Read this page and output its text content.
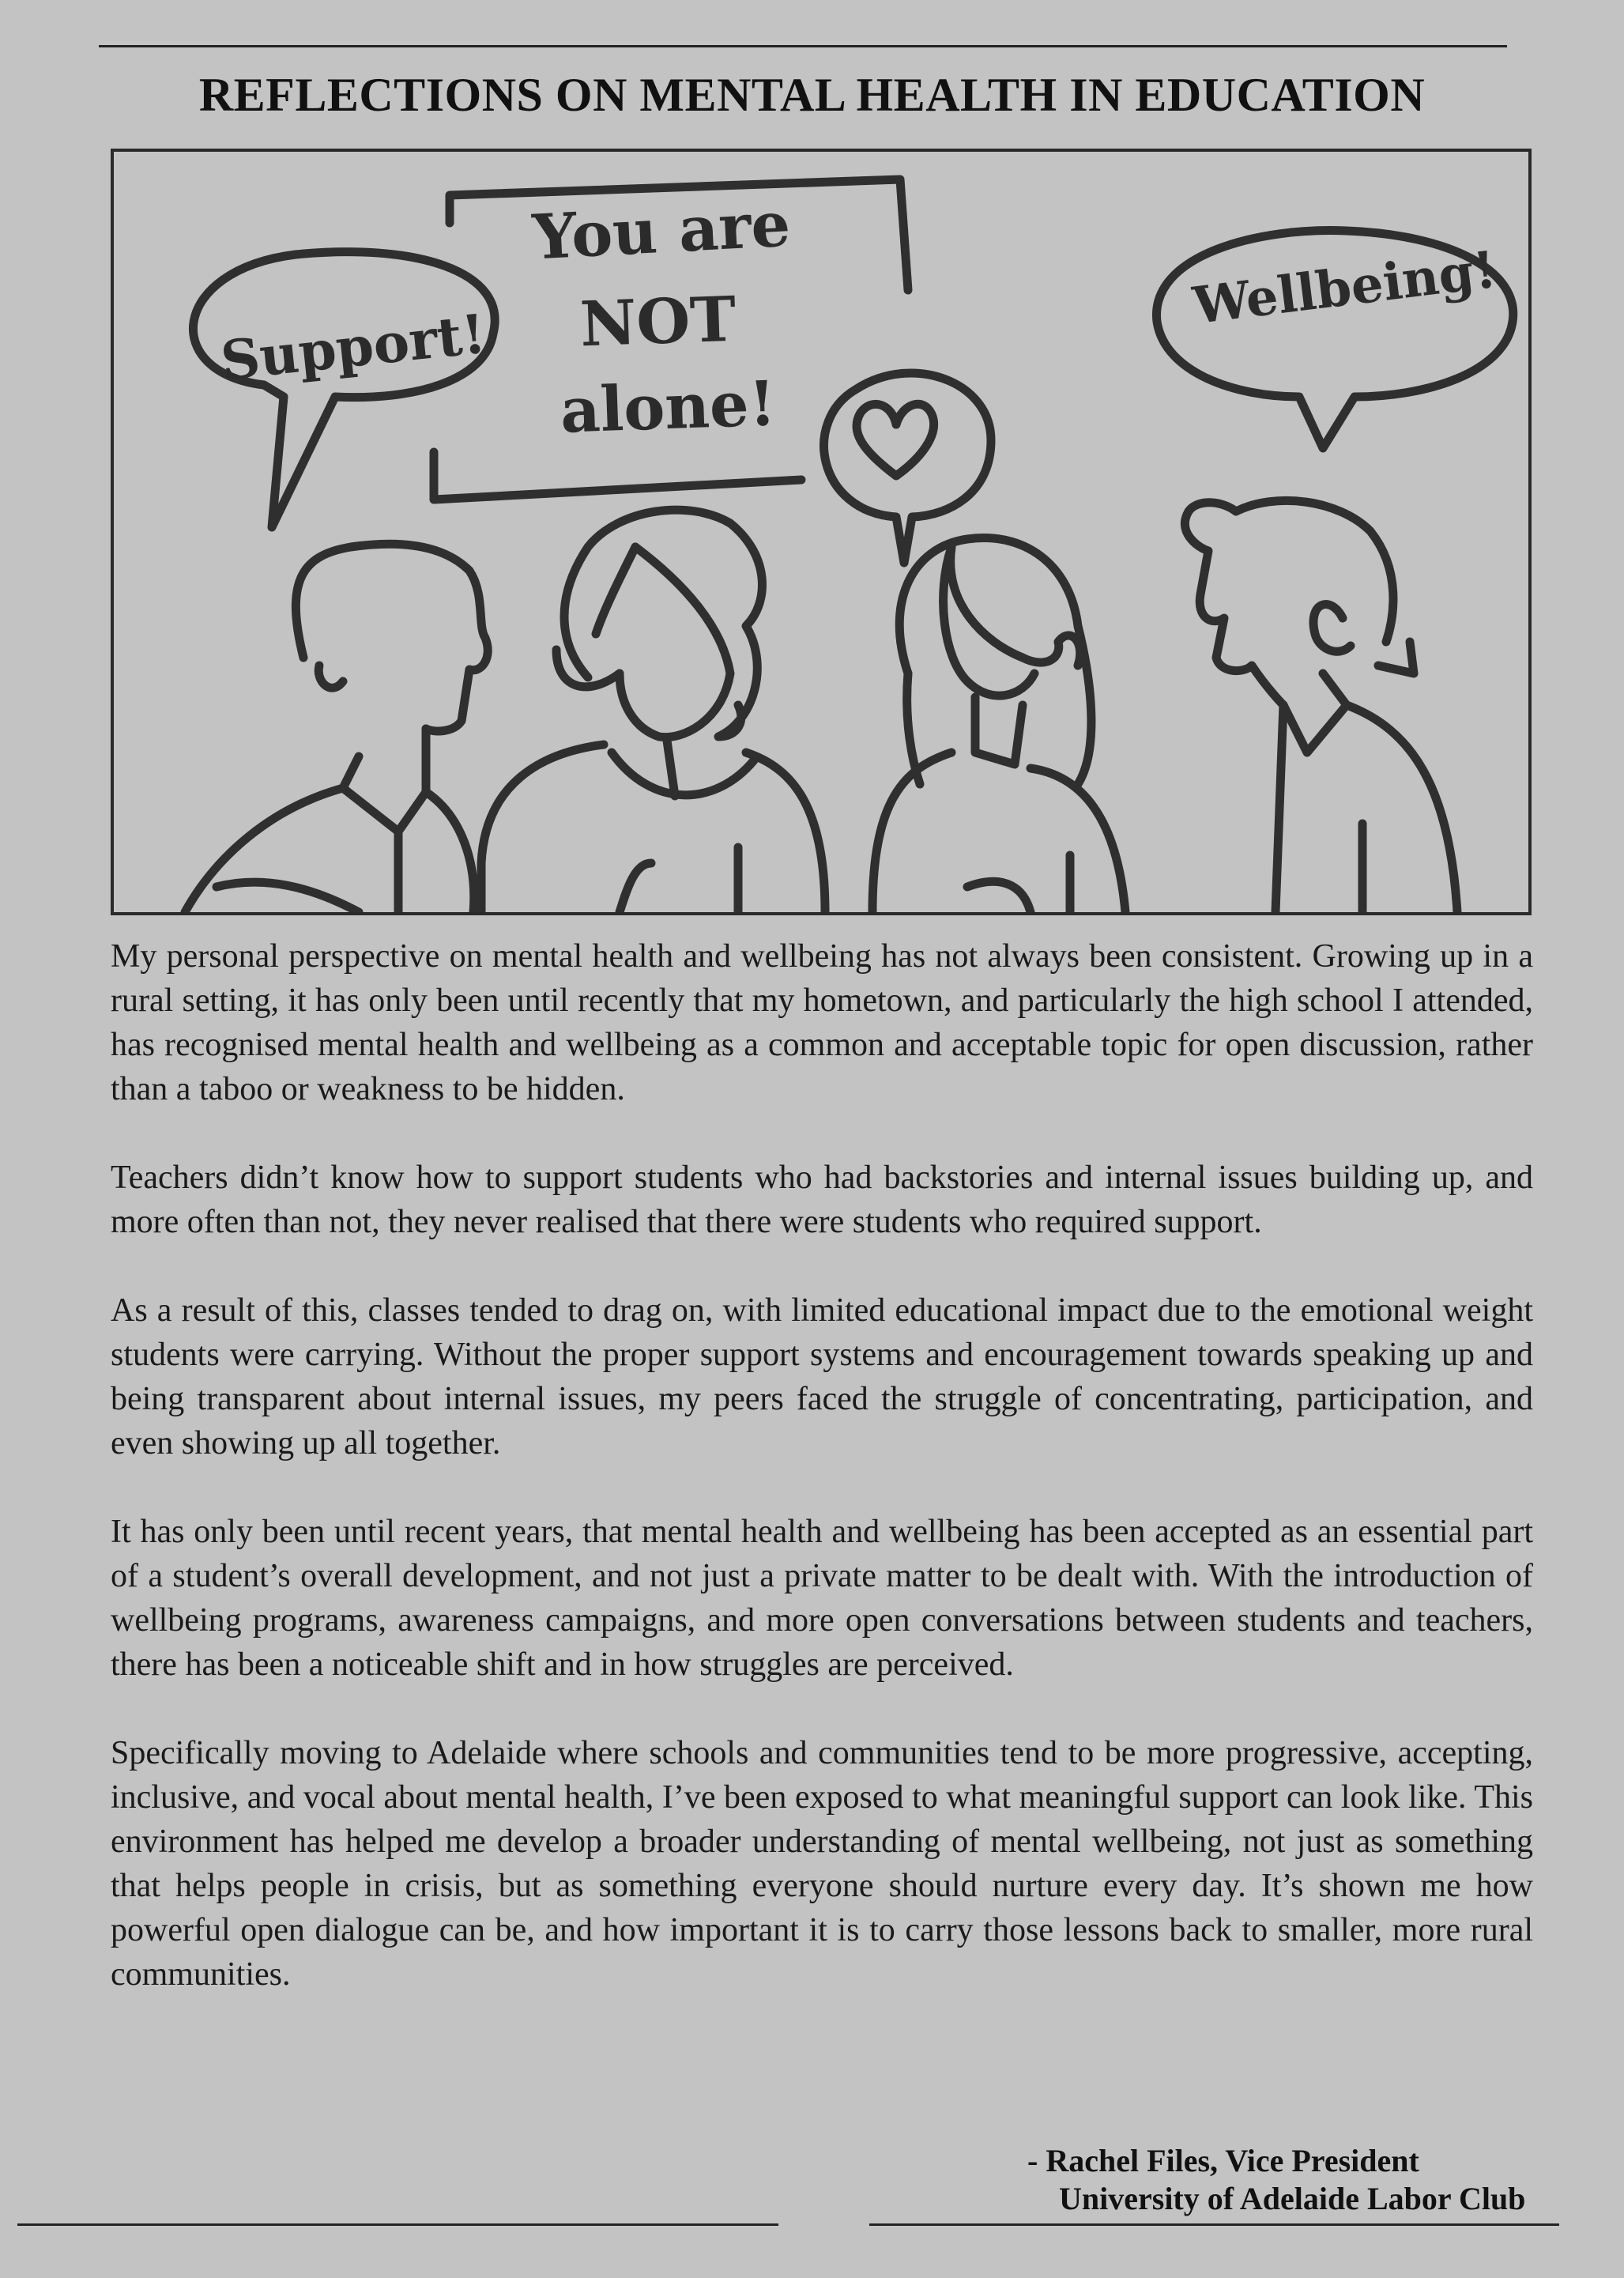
REFLECTIONS ON MENTAL HEALTH IN EDUCATION
Support!
You are
NOT
alone!
Wellbeing!

My personal perspective on mental health and wellbeing has not always been consistent. Growing up in a rural setting, it has only been until recently that my hometown, and particularly the high school I attended, has recognised mental health and wellbeing as a common and acceptable topic for open discussion, rather than a taboo or weakness to be hidden.

Teachers didn’t know how to support students who had backstories and internal issues building up, and more often than not, they never realised that there were students who required support.

As a result of this, classes tended to drag on, with limited educational impact due to the emotional weight students were carrying. Without the proper support systems and encouragement towards speaking up and being transparent about internal issues, my peers faced the struggle of concentrating, participation, and even showing up all together.

It has only been until recent years, that mental health and wellbeing has been accepted as an essential part of a student’s overall development, and not just a private matter to be dealt with. With the introduction of wellbeing programs, awareness campaigns, and more open conversations between students and teachers, there has been a noticeable shift and in how struggles are perceived.

Specifically moving to Adelaide where schools and communities tend to be more progressive, accepting, inclusive, and vocal about mental health, I’ve been exposed to what meaningful support can look like. This environment has helped me develop a broader understanding of mental wellbeing, not just as something that helps people in crisis, but as something everyone should nurture every day. It’s shown me how powerful open dialogue can be, and how important it is to carry those lessons back to smaller, more rural communities.

- Rachel Files, Vice President
University of Adelaide Labor Club
